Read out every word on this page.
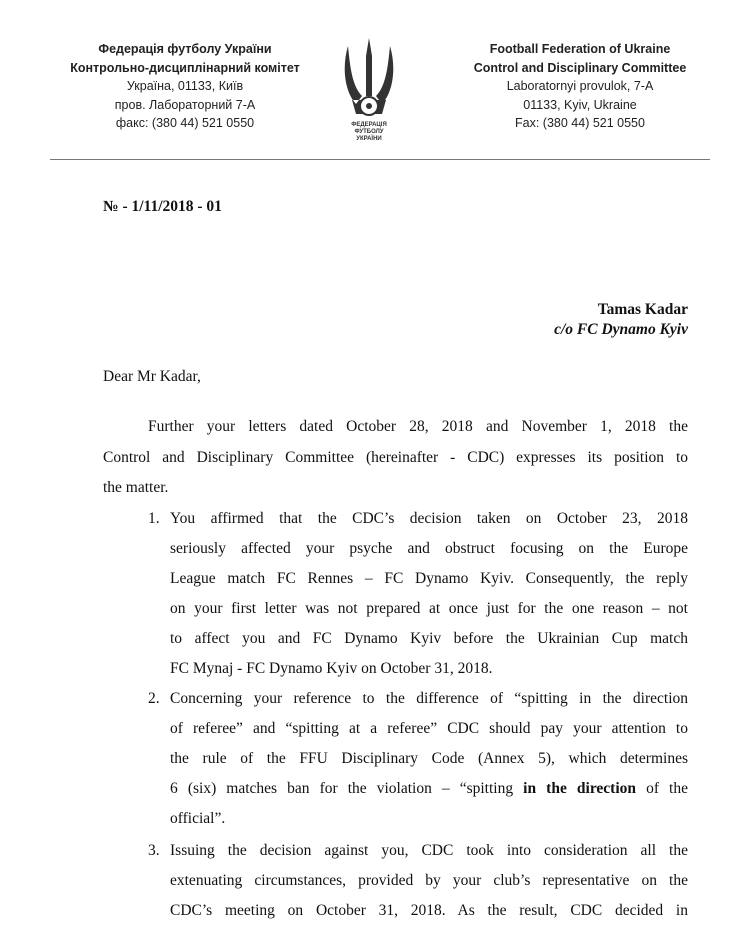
Федерація футболу України
Контрольно-дисциплінарний комітет
Україна, 01133, Київ
пров. Лабораторний 7-А
факс: (380 44) 521 0550	ФЕДЕРАЦІЯ
ФУТБОЛУ
УКРАЇНИ
Football Federation of Ukraine
Control and Disciplinary Committee
Laboratornyi provulok, 7-A
01133, Kyiv, Ukraine
Fax: (380 44) 521 0550
№ - 1/11/2018 - 01
Tamas Kadar
c/o FC Dynamo Kyiv
Dear Mr Kadar,
Further your letters dated October 28, 2018 and November 1, 2018 the
Control and Disciplinary Committee (hereinafter - CDC) expresses its position to
the matter.
1. You affirmed that the CDC’s decision taken on October 23, 2018
seriously affected your psyche and obstruct focusing on the Europe
League match FC Rennes – FC Dynamo Kyiv. Consequently, the reply
on your first letter was not prepared at once just for the one reason – not
to affect you and FC Dynamo Kyiv before the Ukrainian Cup match
FC Mynaj - FC Dynamo Kyiv on October 31, 2018.
2. Concerning your reference to the difference of “spitting in the direction
of referee” and “spitting at a referee” CDC should pay your attention to
the rule of the FFU Disciplinary Code (Annex 5), which determines
6 (six) matches ban for the violation – “spitting in the direction of the
official”.
3. Issuing the decision against you, CDC took into consideration all the
extenuating circumstances, provided by your club’s representative on the
CDC’s meeting on October 31, 2018. As the result, CDC decided in
